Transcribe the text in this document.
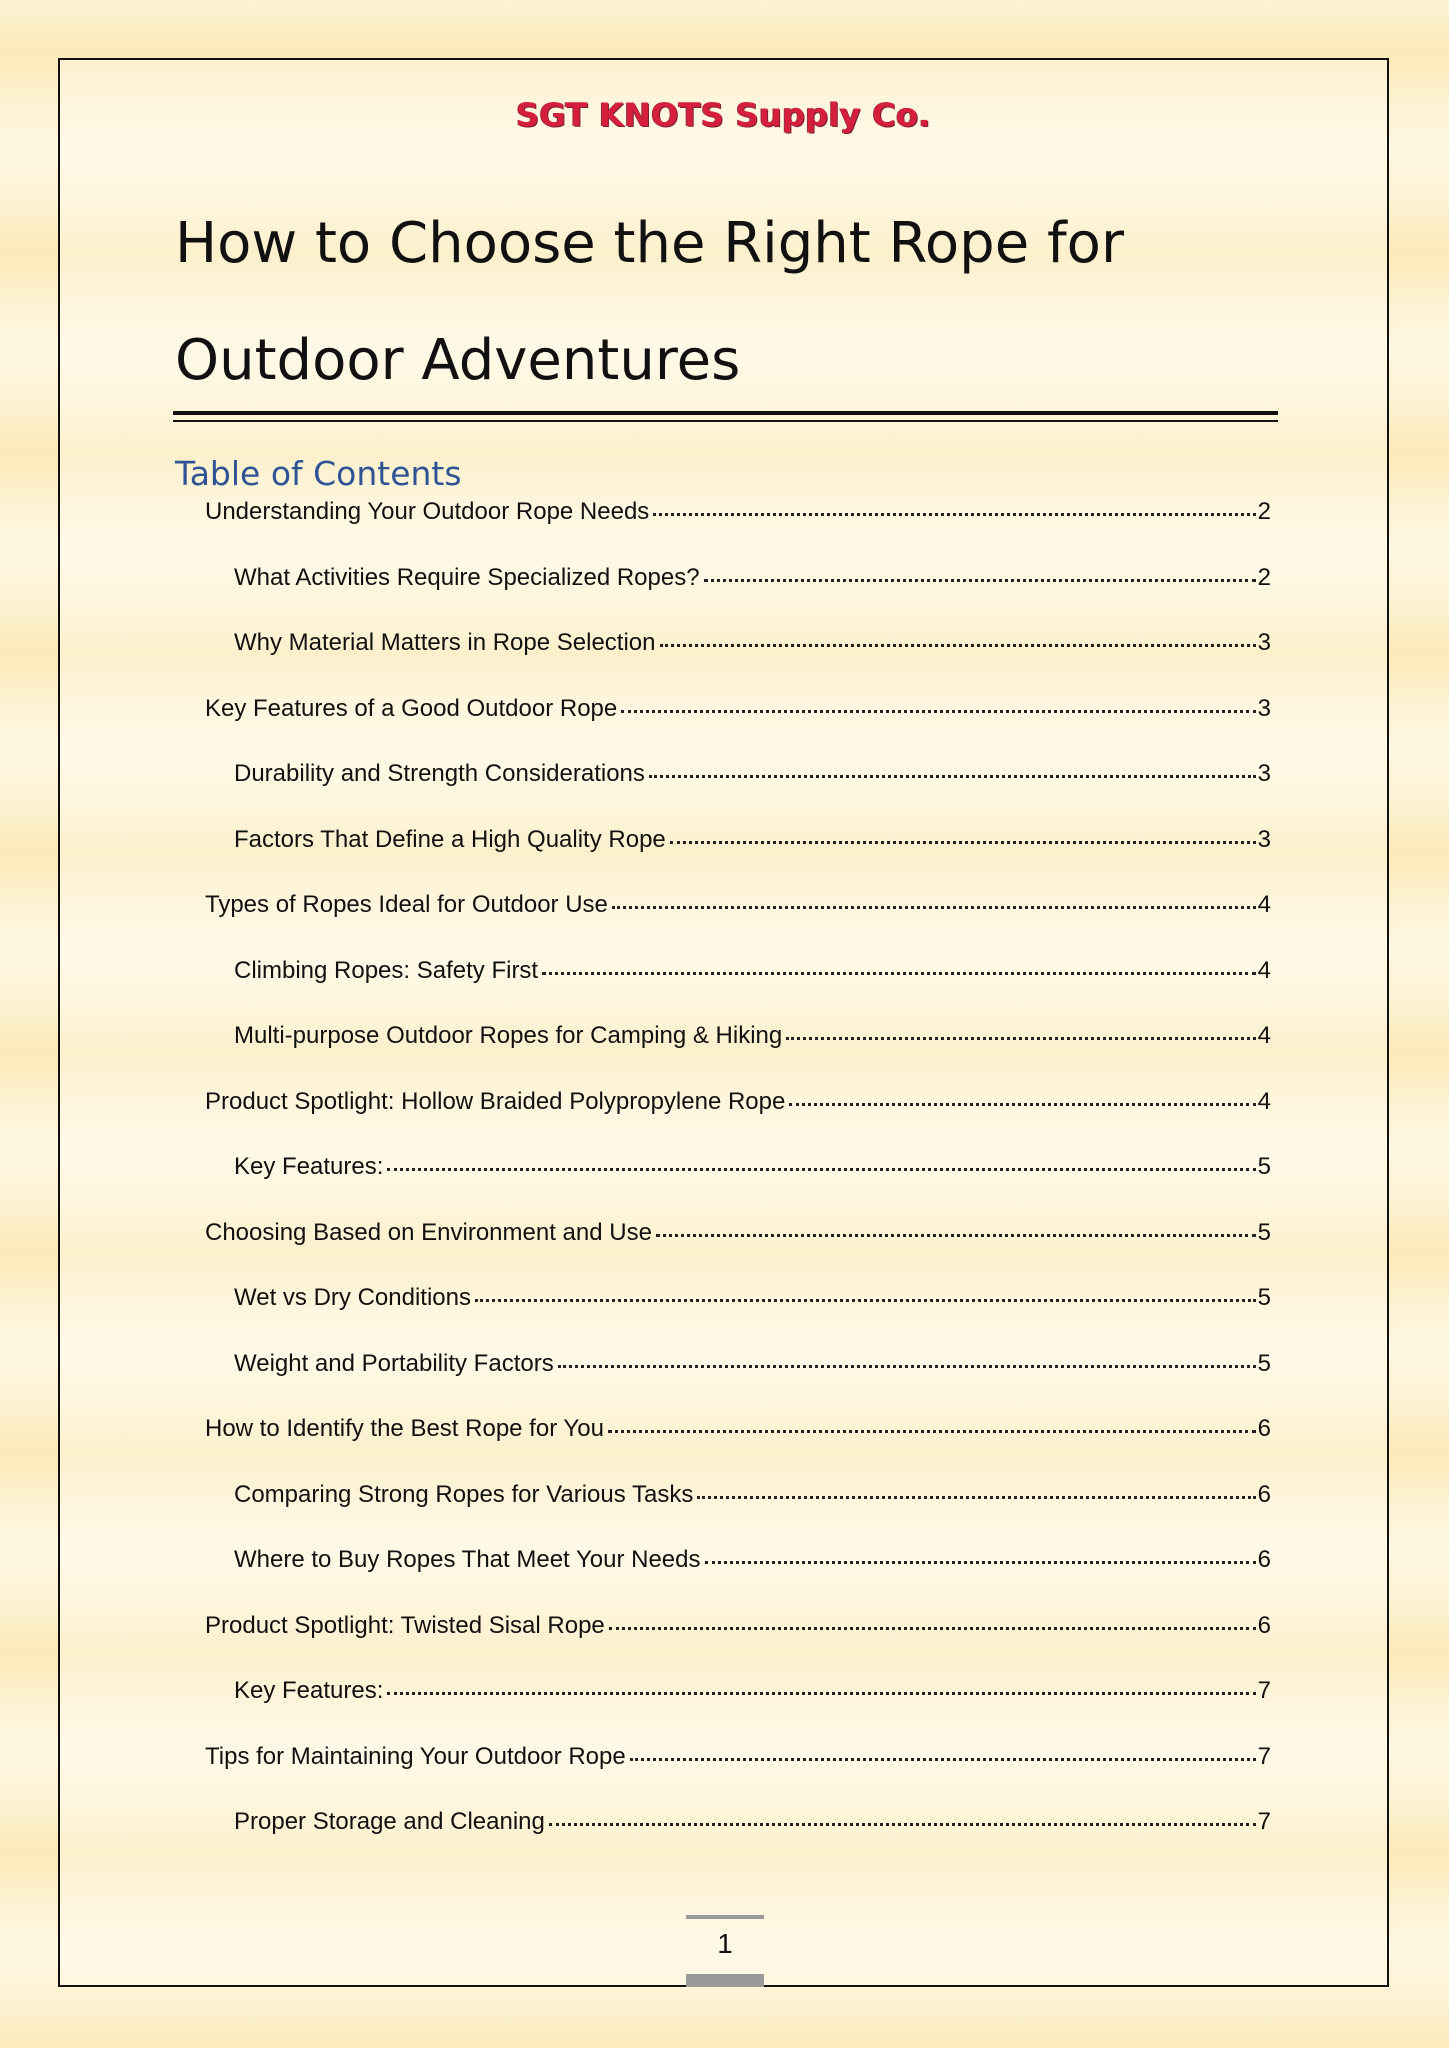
SGT KNOTS Supply Co.
How to Choose the Right Rope for Outdoor Adventures
Table of Contents
Understanding Your Outdoor Rope Needs	2
What Activities Require Specialized Ropes?	2
Why Material Matters in Rope Selection	3
Key Features of a Good Outdoor Rope	3
Durability and Strength Considerations	3
Factors That Define a High Quality Rope	3
Types of Ropes Ideal for Outdoor Use	4
Climbing Ropes: Safety First	4
Multi-purpose Outdoor Ropes for Camping & Hiking	4
Product Spotlight: Hollow Braided Polypropylene Rope	4
Key Features:	5
Choosing Based on Environment and Use	5
Wet vs Dry Conditions	5
Weight and Portability Factors	5
How to Identify the Best Rope for You	6
Comparing Strong Ropes for Various Tasks	6
Where to Buy Ropes That Meet Your Needs	6
Product Spotlight: Twisted Sisal Rope	6
Key Features:	7
Tips for Maintaining Your Outdoor Rope	7
Proper Storage and Cleaning	7
1
